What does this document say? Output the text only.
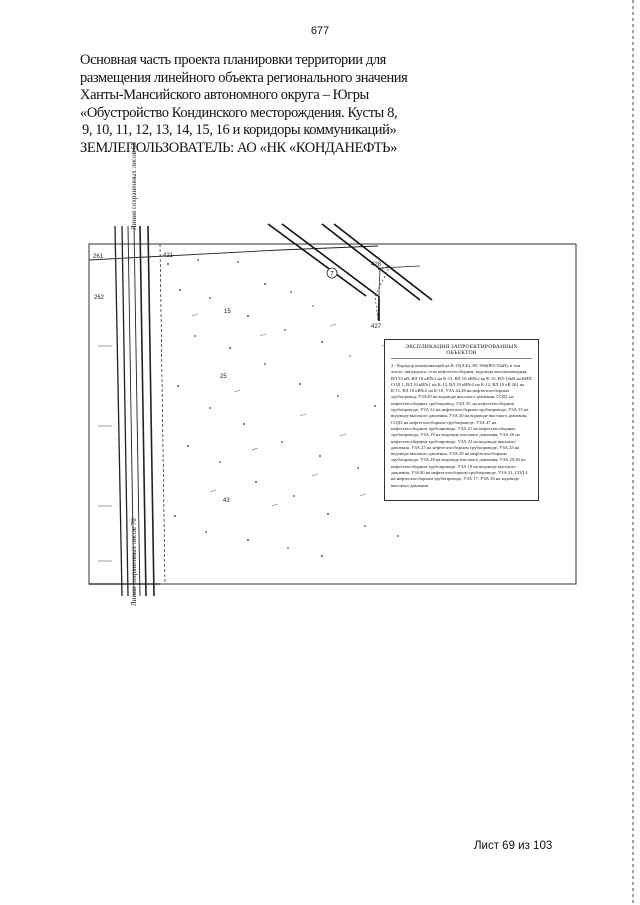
677
Основная часть проекта планировки территории для
размещения линейного объекта регионального значения
Ханты-Мансийского автономного округа – Югры
«Обустройство Кондинского месторождения. Кусты 8,
9, 10, 11, 12, 13, 14, 15, 16 и коридоры коммуникаций»
ЗЕМЛЕПОЛЬЗОВАТЕЛЬ: АО «НК «КОНДАНЕФТЬ»
7
261
262
421
428
427
15
25
43
Линия сохраненных лисов 68
Линия сохраненных лисов 70
ЭКСПЛИКАЦИЯ ЗАПРОЕКТИРОВАННЫХ ОБЪЕКТОВ
2 - Коридор коммуникаций на К-15(А,Б), НС-866(ВЛ-35кВ), в том числе: автодорога, сети нефтегазосборная, водовода высоконапорная, ВЛ 35 кВ, ВЛ 10 кВ№1 на К-15, ВЛ 10 кВ№2 на К-15, ВЛ-10кВ на КНП СОД 1, ВЛ 10 кВ№1 на К-12, ВЛ 10 кВ№2 на К-12, ВЛ 10 кВ 261 на К-11, ВЛ 10 кВ№2 на К-10, УЗА 44,46 на нефтегазосборных трубопровод, УЗА29 на водоводе высокого давления, СОД1 на нефтегазосборных трубопровод, УЗА 5С на нефтегазосборном трубопроводе, УЗА 32 на нефтегазосборном трубопроводе, УЗА 35 на водоводе высокого давления, УЗА 20 на водоводе высокого давления, СОД3 на нефтегазосборном трубопроводе, УЗА 47 на нефтегазосборном трубопроводе, УЗА 21 на нефтегазосборных трубопровода, УЗА 19 на водоводе высокого давления, УЗА 20 на нефтегазосборном трубопроводе, УЗА 22 на водоводе высокого давления, УЗА 27 на нефтегазосборном трубопроводе, УЗА 25 на водоводе высокого давления, УЗА 29 на нефтегазосборном трубопроводе, УЗА 28 на водоводе высокого давления, УЗА 29,30 на нефтегазосборном трубопроводе, УЗА 19 на водоводе высокого давления, УЗА30 на нефтегазосборном трубопроводе, УЗА 31, СОД 4 на нефтегазосборном трубопроводе, УЗА 17, УЗА 18 на водоводе высокого давления
Лист 69 из 103
